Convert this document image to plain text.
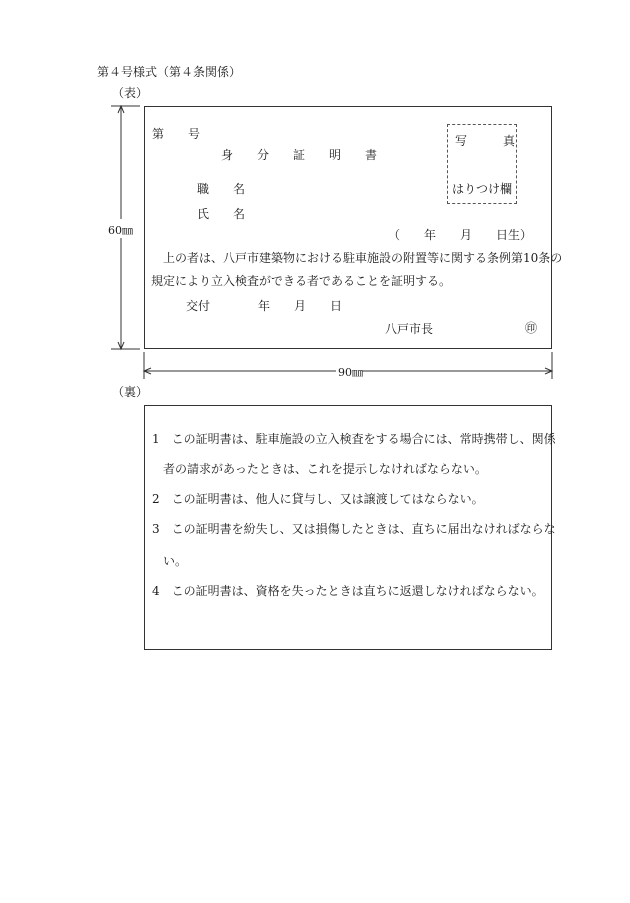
第４号様式（第４条関係）
（表）
60㎜
90㎜
第　　号
身　　分　　証　　明　　書
写　　　真
はりつけ欄
職　　名
氏　　名
（　　年　　月　　日生）
上の者は、八戸市建築物における駐車施設の附置等に関する条例第10条の
規定により立入検査ができる者であることを証明する。
交付　　　　年　　月　　日
八戸市長	㊞
（裏）
1　この証明書は、駐車施設の立入検査をする場合には、常時携帯し、関係
者の請求があったときは、これを提示しなければならない。
2　この証明書は、他人に貸与し、又は譲渡してはならない。
3　この証明書を紛失し、又は損傷したときは、直ちに届出なければならな
い。
4　この証明書は、資格を失ったときは直ちに返還しなければならない。
